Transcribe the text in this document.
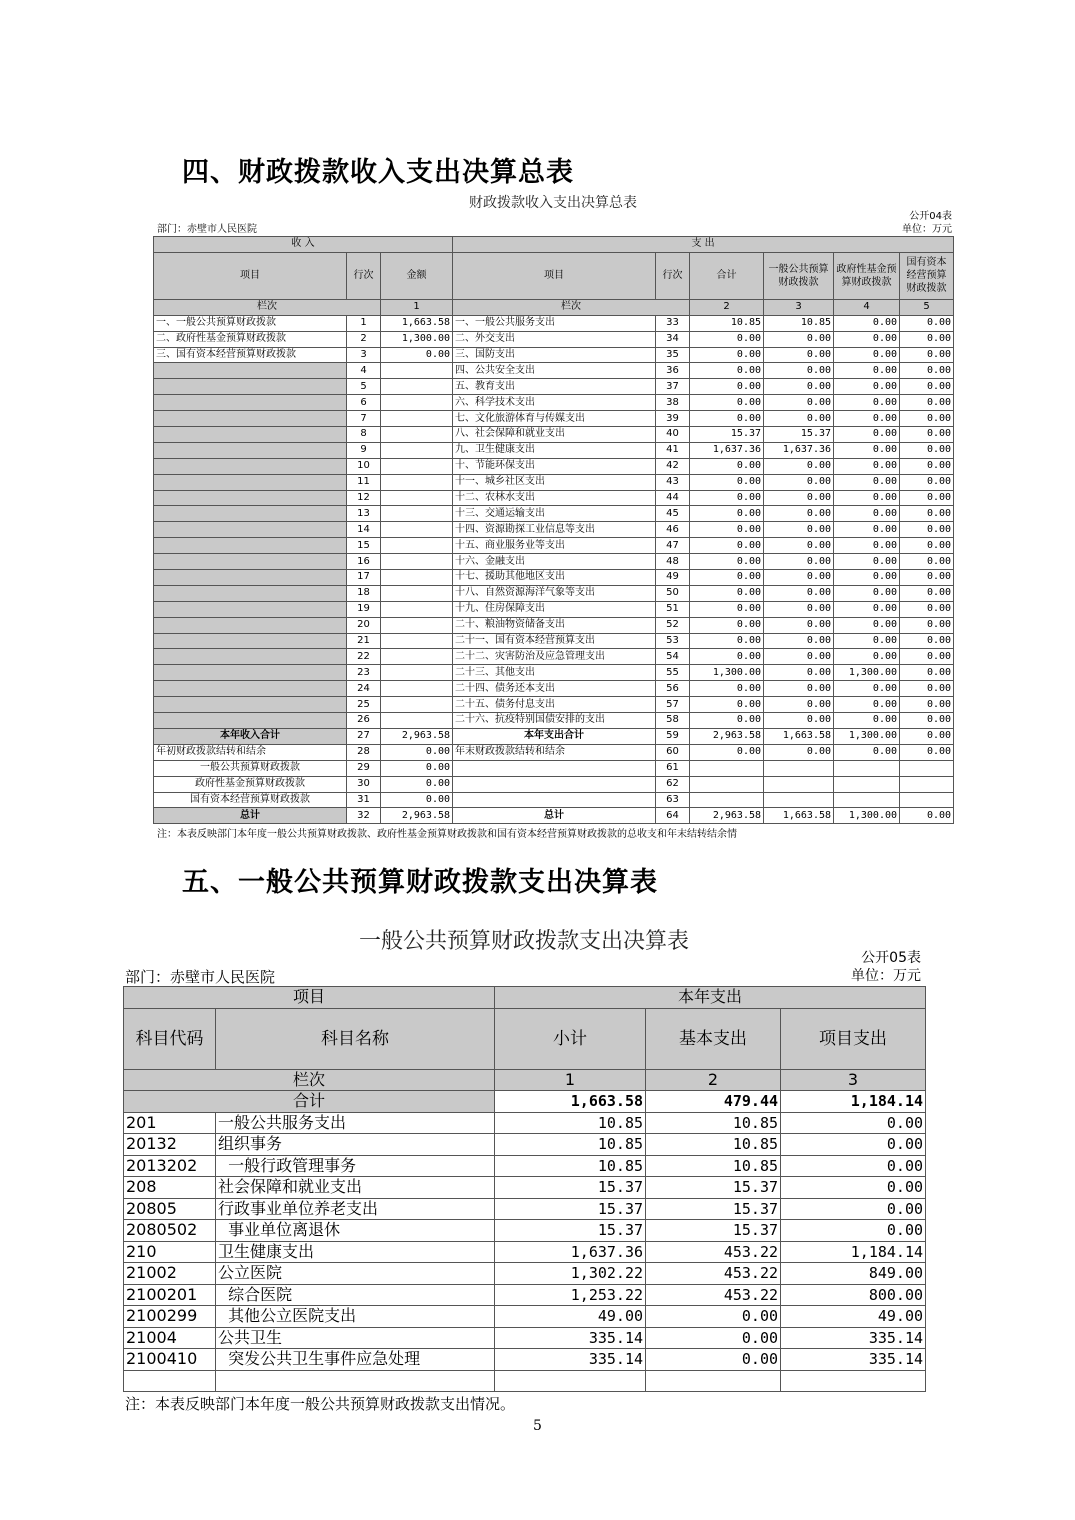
四、财政拨款收入支出决算总表
财政拨款收入支出决算总表
公开04表
部门：赤壁市人民医院	单位：万元
收 入			支 出					
项目	行次	金额	项目	行次	合计	一般公共预算财政拨款	政府性基金预算财政拨款	国有资本经营预算财政拨款
栏次		1	栏次		2	3	4	5
一、一般公共预算财政拨款	1	1,663.58	一、一般公共服务支出	33	10.85	10.85	0.00	0.00
二、政府性基金预算财政拨款	2	1,300.00	二、外交支出	34	0.00	0.00	0.00	0.00
三、国有资本经营预算财政拨款	3	0.00	三、国防支出	35	0.00	0.00	0.00	0.00
	4		四、公共安全支出	36	0.00	0.00	0.00	0.00
	5		五、教育支出	37	0.00	0.00	0.00	0.00
	6		六、科学技术支出	38	0.00	0.00	0.00	0.00
	7		七、文化旅游体育与传媒支出	39	0.00	0.00	0.00	0.00
	8		八、社会保障和就业支出	40	15.37	15.37	0.00	0.00
	9		九、卫生健康支出	41	1,637.36	1,637.36	0.00	0.00
	10		十、节能环保支出	42	0.00	0.00	0.00	0.00
	11		十一、城乡社区支出	43	0.00	0.00	0.00	0.00
	12		十二、农林水支出	44	0.00	0.00	0.00	0.00
	13		十三、交通运输支出	45	0.00	0.00	0.00	0.00
	14		十四、资源勘探工业信息等支出	46	0.00	0.00	0.00	0.00
	15		十五、商业服务业等支出	47	0.00	0.00	0.00	0.00
	16		十六、金融支出	48	0.00	0.00	0.00	0.00
	17		十七、援助其他地区支出	49	0.00	0.00	0.00	0.00
	18		十八、自然资源海洋气象等支出	50	0.00	0.00	0.00	0.00
	19		十九、住房保障支出	51	0.00	0.00	0.00	0.00
	20		二十、粮油物资储备支出	52	0.00	0.00	0.00	0.00
	21		二十一、国有资本经营预算支出	53	0.00	0.00	0.00	0.00
	22		二十二、灾害防治及应急管理支出	54	0.00	0.00	0.00	0.00
	23		二十三、其他支出	55	1,300.00	0.00	1,300.00	0.00
	24		二十四、债务还本支出	56	0.00	0.00	0.00	0.00
	25		二十五、债务付息支出	57	0.00	0.00	0.00	0.00
	26		二十六、抗疫特别国债安排的支出	58	0.00	0.00	0.00	0.00
本年收入合计	27	2,963.58	本年支出合计	59	2,963.58	1,663.58	1,300.00	0.00
年初财政拨款结转和结余	28	0.00	年末财政拨款结转和结余	60	0.00	0.00	0.00	0.00
一般公共预算财政拨款	29	0.00		61				
政府性基金预算财政拨款	30	0.00		62				
国有资本经营预算财政拨款	31	0.00		63				
总计	32	2,963.58	总计	64	2,963.58	1,663.58	1,300.00	0.00
注：本表反映部门本年度一般公共预算财政拨款、政府性基金预算财政拨款和国有资本经营预算财政拨款的总收支和年末结转结余情
五、一般公共预算财政拨款支出决算表
一般公共预算财政拨款支出决算表
公开05表
部门：赤壁市人民医院	单位：万元
项目		本年支出		
科目代码	科目名称	小计	基本支出	项目支出
栏次		1	2	3
合计		1,663.58	479.44	1,184.14
201	一般公共服务支出	10.85	10.85	0.00
20132	组织事务	10.85	10.85	0.00
2013202	一般行政管理事务	10.85	10.85	0.00
208	社会保障和就业支出	15.37	15.37	0.00
20805	行政事业单位养老支出	15.37	15.37	0.00
2080502	事业单位离退休	15.37	15.37	0.00
210	卫生健康支出	1,637.36	453.22	1,184.14
21002	公立医院	1,302.22	453.22	849.00
2100201	综合医院	1,253.22	453.22	800.00
2100299	其他公立医院支出	49.00	0.00	49.00
21004	公共卫生	335.14	0.00	335.14
2100410	突发公共卫生事件应急处理	335.14	0.00	335.14

注：本表反映部门本年度一般公共预算财政拨款支出情况。
5
